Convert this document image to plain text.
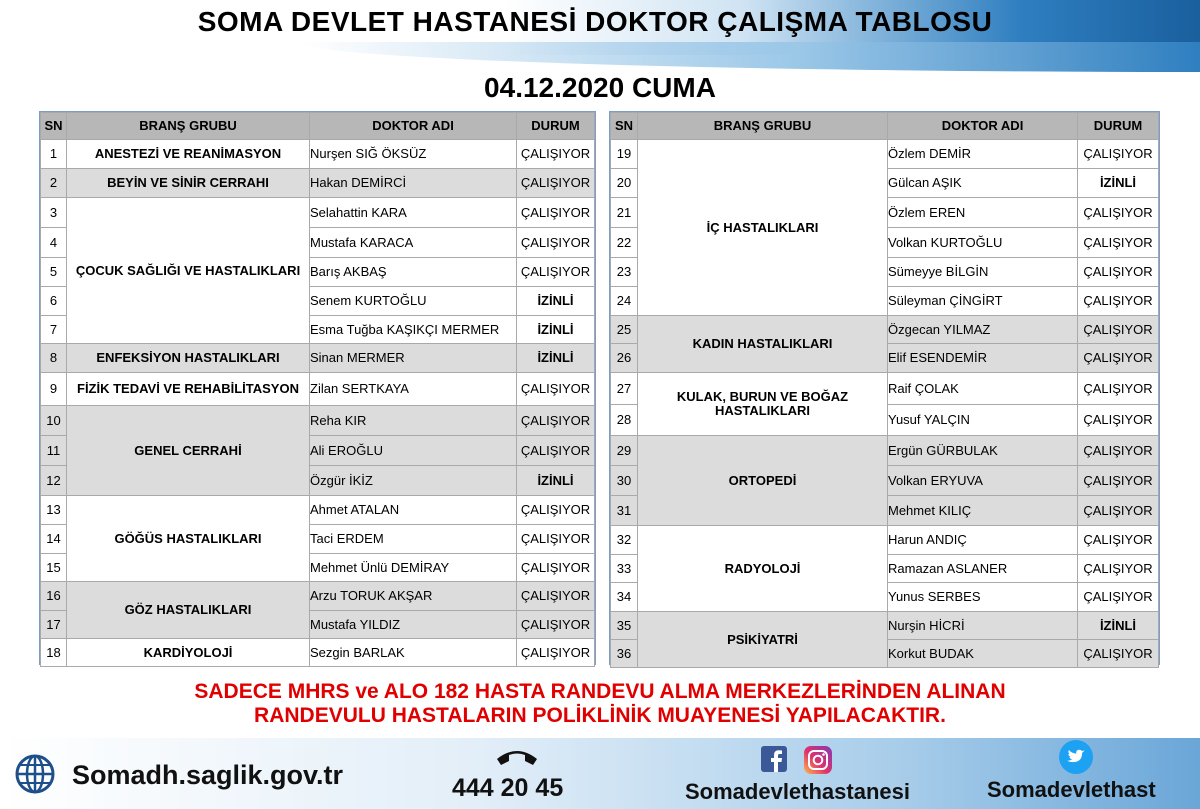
SOMA DEVLET HASTANESİ DOKTOR ÇALIŞMA TABLOSU
04.12.2020 CUMA
SN	BRANŞ GRUBU	DOKTOR ADI	DURUM
1	ANESTEZİ VE REANİMASYON	Nurşen SIĞ ÖKSÜZ	ÇALIŞIYOR
2	BEYİN VE SİNİR CERRAHI	Hakan DEMİRCİ	ÇALIŞIYOR
3	ÇOCUK SAĞLIĞI VE HASTALIKLARI	Selahattin KARA	ÇALIŞIYOR
4		Mustafa KARACA	ÇALIŞIYOR
5		Barış AKBAŞ	ÇALIŞIYOR
6		Senem KURTOĞLU	İZİNLİ
7		Esma Tuğba KAŞIKÇI MERMER	İZİNLİ
8	ENFEKSİYON HASTALIKLARI	Sinan MERMER	İZİNLİ
9	FİZİK TEDAVİ VE REHABİLİTASYON	Zilan SERTKAYA	ÇALIŞIYOR
10	GENEL CERRAHİ	Reha KIR	ÇALIŞIYOR
11		Ali EROĞLU	ÇALIŞIYOR
12		Özgür İKİZ	İZİNLİ
13	GÖĞÜS HASTALIKLARI	Ahmet ATALAN	ÇALIŞIYOR
14		Taci ERDEM	ÇALIŞIYOR
15		Mehmet Ünlü DEMİRAY	ÇALIŞIYOR
16	GÖZ HASTALIKLARI	Arzu TORUK AKŞAR	ÇALIŞIYOR
17		Mustafa YILDIZ	ÇALIŞIYOR
18	KARDİYOLOJİ	Sezgin BARLAK	ÇALIŞIYOR
SN	BRANŞ GRUBU	DOKTOR ADI	DURUM
19	İÇ HASTALIKLARI	Özlem DEMİR	ÇALIŞIYOR
20		Gülcan AŞIK	İZİNLİ
21		Özlem EREN	ÇALIŞIYOR
22		Volkan KURTOĞLU	ÇALIŞIYOR
23		Sümeyye BİLGİN	ÇALIŞIYOR
24		Süleyman ÇİNGİRT	ÇALIŞIYOR
25	KADIN HASTALIKLARI	Özgecan YILMAZ	ÇALIŞIYOR
26		Elif ESENDEMİR	ÇALIŞIYOR
27	KULAK, BURUN VE BOĞAZ HASTALIKLARI	Raif ÇOLAK	ÇALIŞIYOR
28		Yusuf YALÇIN	ÇALIŞIYOR
29	ORTOPEDİ	Ergün GÜRBULAK	ÇALIŞIYOR
30		Volkan ERYUVA	ÇALIŞIYOR
31		Mehmet KILIÇ	ÇALIŞIYOR
32	RADYOLOJİ	Harun ANDIÇ	ÇALIŞIYOR
33		Ramazan ASLANER	ÇALIŞIYOR
34		Yunus SERBES	ÇALIŞIYOR
35	PSİKİYATRİ	Nurşin HİCRİ	İZİNLİ
36		Korkut BUDAK	ÇALIŞIYOR
SADECE MHRS ve ALO 182 HASTA RANDEVU ALMA MERKEZLERİNDEN ALINAN
RANDEVULU HASTALARIN POLİKLİNİK MUAYENESİ YAPILACAKTIR.
Somadh.saglik.gov.tr	444 20 45	Somadevlethastanesi	Somadevlethast
